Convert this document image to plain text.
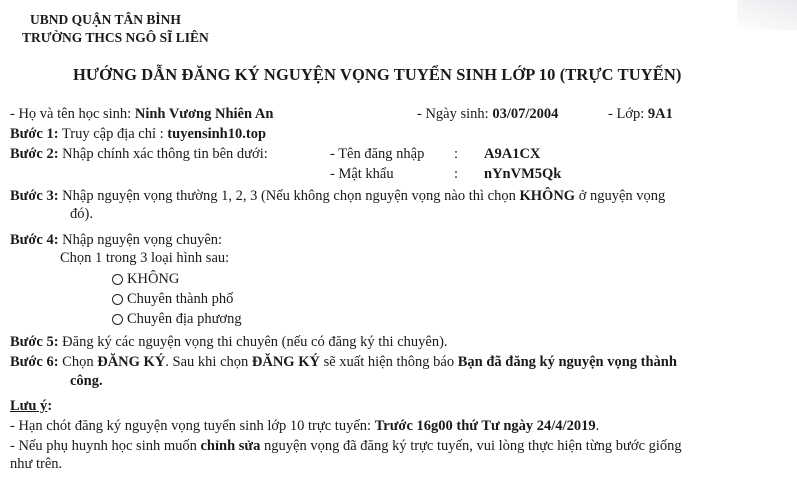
UBND QUẬN TÂN BÌNH
TRƯỜNG THCS NGÔ SĨ LIÊN
HƯỚNG DẪN ĐĂNG KÝ NGUYỆN VỌNG TUYỂN SINH LỚP 10 (TRỰC TUYẾN)
- Họ và tên học sinh: Ninh Vương Nhiên An	- Ngày sinh: 03/07/2004	- Lớp: 9A1
Bước 1: Truy cập địa chỉ : tuyensinh10.top
Bước 2: Nhập chính xác thông tin bên dưới:	- Tên đăng nhập : A9A1CX
- Mật khẩu	: nYnVM5Qk
Bước 3: Nhập nguyện vọng thường 1, 2, 3 (Nếu không chọn nguyện vọng nào thì chọn KHÔNG ở nguyện vọng
đó).
Bước 4: Nhập nguyện vọng chuyên:
Chọn 1 trong 3 loại hình sau:
KHÔNG
Chuyên thành phố
Chuyên địa phương
Bước 5: Đăng ký các nguyện vọng thi chuyên (nếu có đăng ký thi chuyên).
Bước 6: Chọn ĐĂNG KÝ. Sau khi chọn ĐĂNG KÝ sẽ xuất hiện thông báo Bạn đã đăng ký nguyện vọng thành
công.
Lưu ý:
- Hạn chót đăng ký nguyện vọng tuyển sinh lớp 10 trực tuyến: Trước 16g00 thứ Tư ngày 24/4/2019.
- Nếu phụ huynh học sinh muốn chỉnh sửa nguyện vọng đã đăng ký trực tuyến, vui lòng thực hiện từng bước giống
như trên.
